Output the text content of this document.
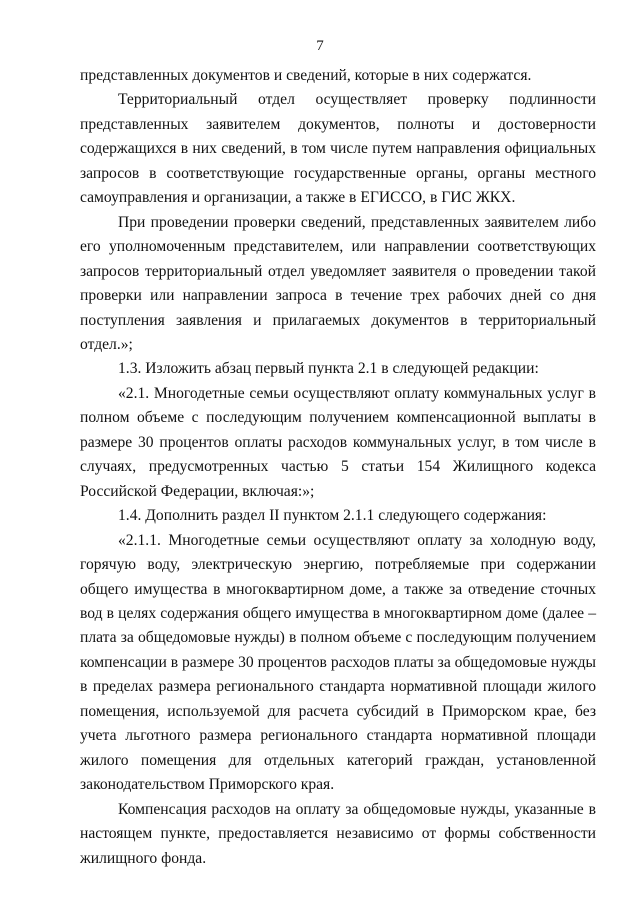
7

представленных документов и сведений, которые в них содержатся.

Территориальный отдел осуществляет проверку подлинности представленных заявителем документов, полноты и достоверности содержащихся в них сведений, в том числе путем направления официальных запросов в соответствующие государственные органы, органы местного самоуправления и организации, а также в ЕГИССО, в ГИС ЖКХ.

При проведении проверки сведений, представленных заявителем либо его уполномоченным представителем, или направлении соответствующих запросов территориальный отдел уведомляет заявителя о проведении такой проверки или направлении запроса в течение трех рабочих дней со дня поступления заявления и прилагаемых документов в территориальный отдел.»;

1.3. Изложить абзац первый пункта 2.1 в следующей редакции:

«2.1. Многодетные семьи осуществляют оплату коммунальных услуг в полном объеме с последующим получением компенсационной выплаты в размере 30 процентов оплаты расходов коммунальных услуг, в том числе в случаях, предусмотренных частью 5 статьи 154 Жилищного кодекса Российской Федерации, включая:»;

1.4. Дополнить раздел II пунктом 2.1.1 следующего содержания:

«2.1.1. Многодетные семьи осуществляют оплату за холодную воду, горячую воду, электрическую энергию, потребляемые при содержании общего имущества в многоквартирном доме, а также за отведение сточных вод в целях содержания общего имущества в многоквартирном доме (далее – плата за общедомовые нужды) в полном объеме с последующим получением компенсации в размере 30 процентов расходов платы за общедомовые нужды в пределах размера регионального стандарта нормативной площади жилого помещения, используемой для расчета субсидий в Приморском крае, без учета льготного размера регионального стандарта нормативной площади жилого помещения для отдельных категорий граждан, установленной законодательством Приморского края.

Компенсация расходов на оплату за общедомовые нужды, указанные в настоящем пункте, предоставляется независимо от формы собственности жилищного фонда.
